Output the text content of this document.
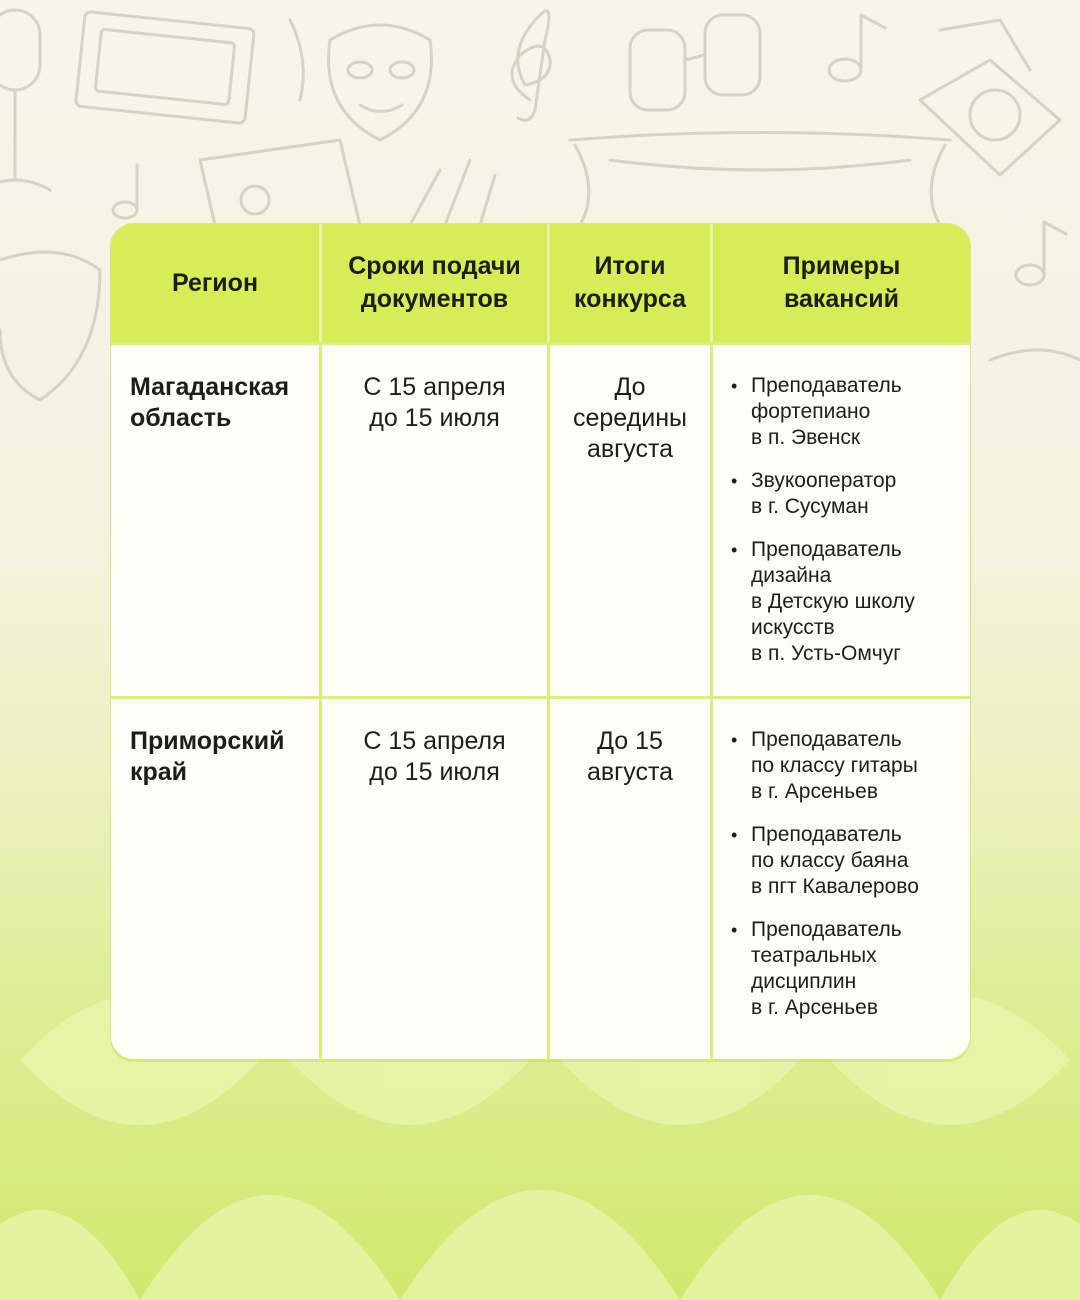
Регион
Сроки подачи
документов
Итоги
конкурса
Примеры
вакансий
Магаданская
область
С 15 апреля
до 15 июля
До
середины
августа
• Преподаватель
фортепиано
в п. Эвенск
• Звукооператор
в г. Сусуман
• Преподаватель
дизайна
в Детскую школу
искусств
в п. Усть-Омчуг
Приморский
край
С 15 апреля
до 15 июля
До 15
августа
• Преподаватель
по классу гитары
в г. Арсеньев
• Преподаватель
по классу баяна
в пгт Кавалерово
• Преподаватель
театральных
дисциплин
в г. Арсеньев
